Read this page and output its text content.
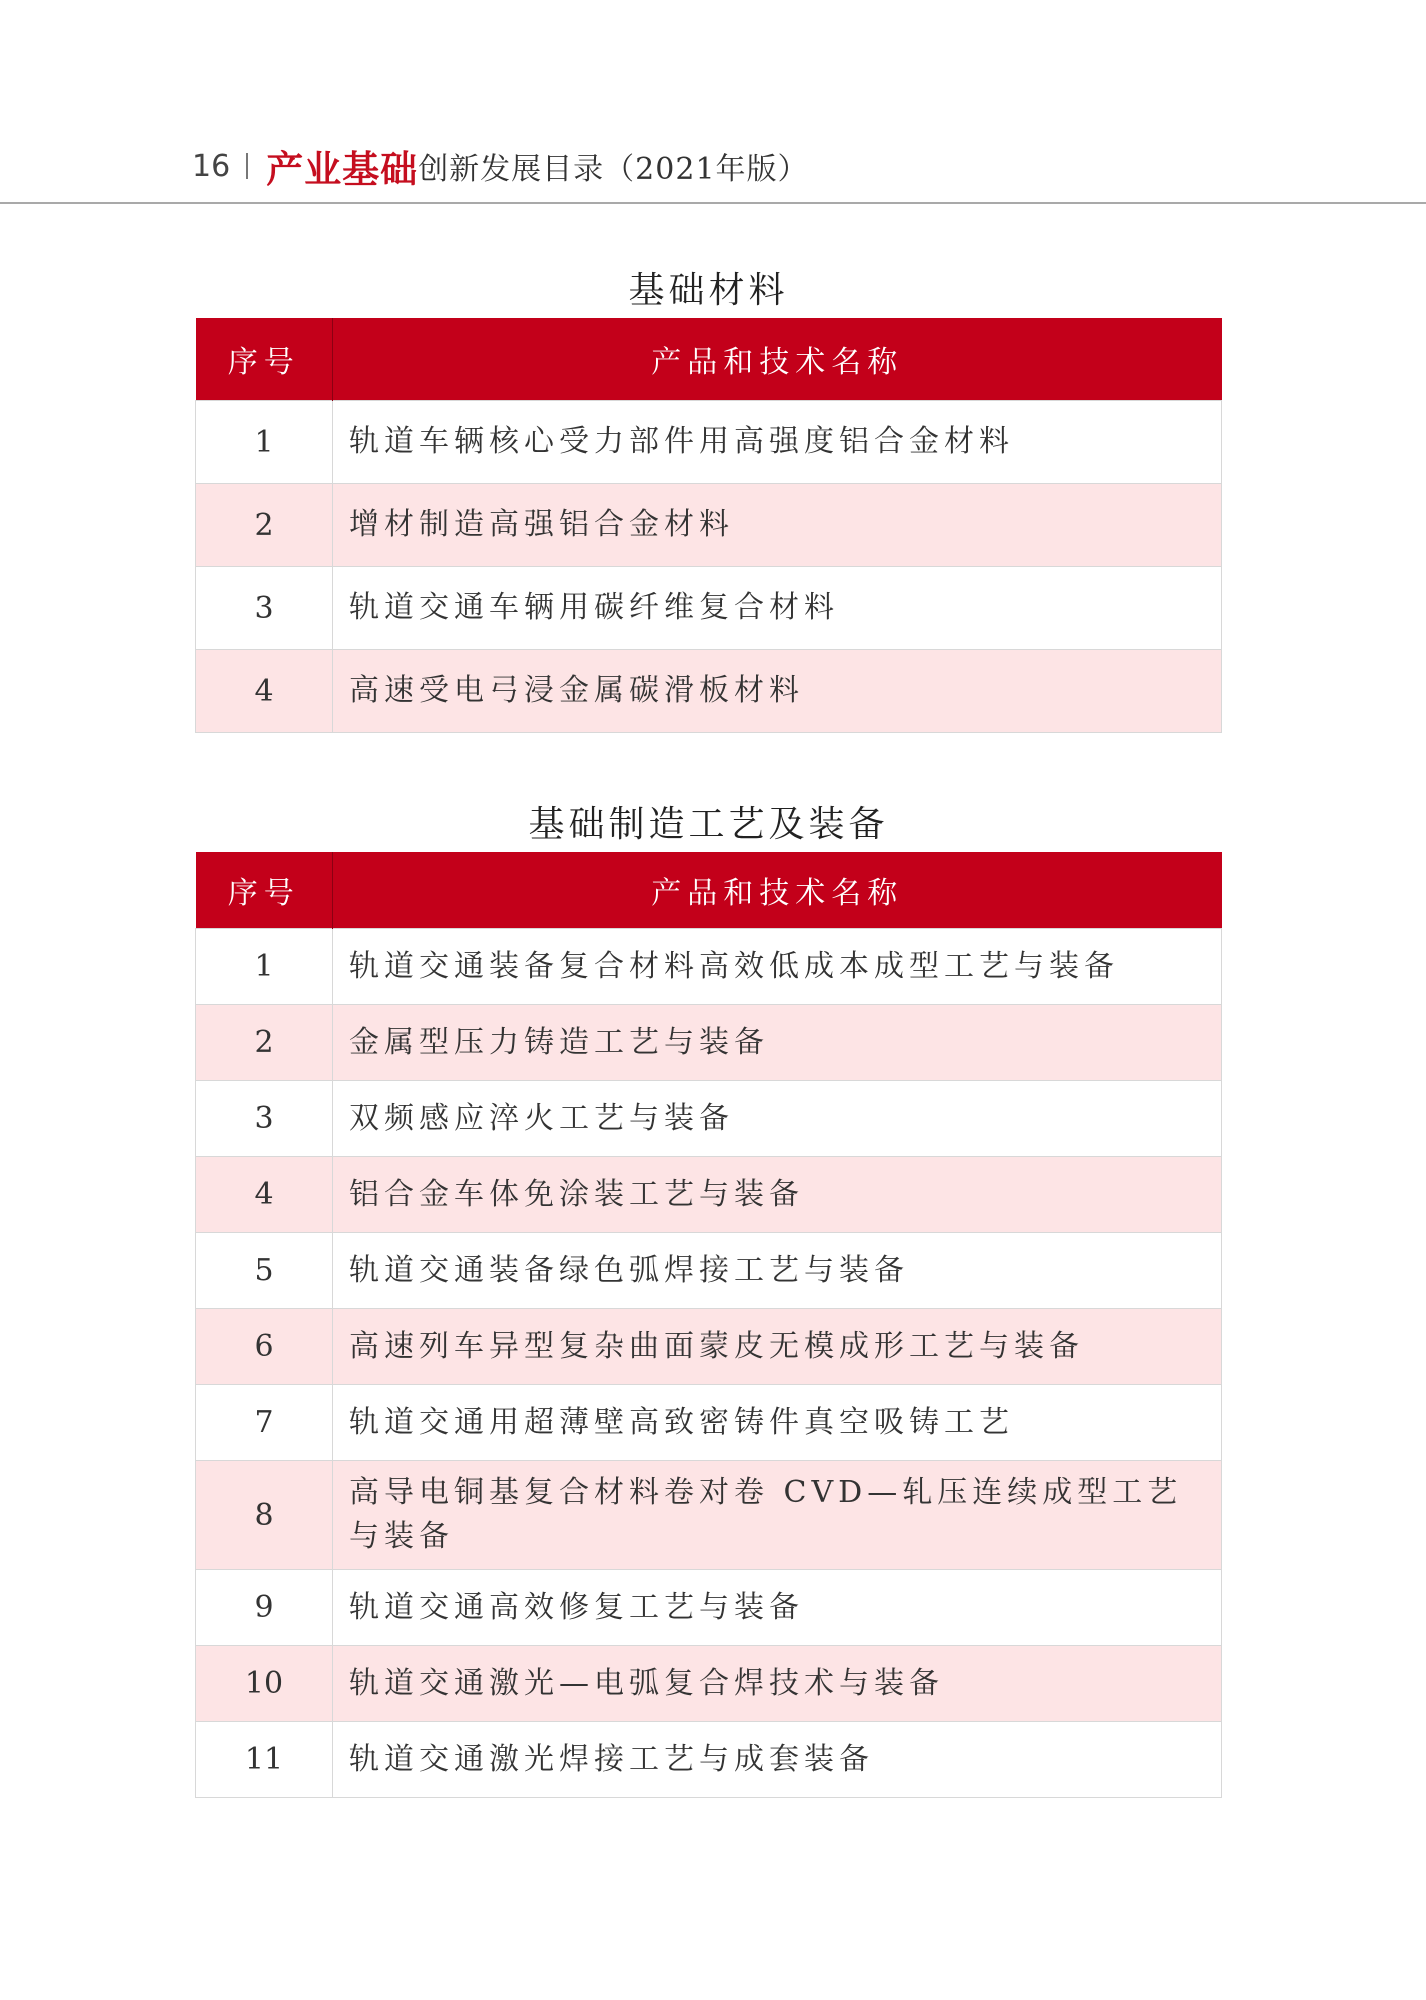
16 产业基础 创新发展目录（2021年版）
基础材料
序号	产品和技术名称
1	轨道车辆核心受力部件用高强度铝合金材料
2	增材制造高强铝合金材料
3	轨道交通车辆用碳纤维复合材料
4	高速受电弓浸金属碳滑板材料
基础制造工艺及装备
序号	产品和技术名称
1	轨道交通装备复合材料高效低成本成型工艺与装备
2	金属型压力铸造工艺与装备
3	双频感应淬火工艺与装备
4	铝合金车体免涂装工艺与装备
5	轨道交通装备绿色弧焊接工艺与装备
6	高速列车异型复杂曲面蒙皮无模成形工艺与装备
7	轨道交通用超薄壁高致密铸件真空吸铸工艺
8	高导电铜基复合材料卷对卷 CVD—轧压连续成型工艺与装备
9	轨道交通高效修复工艺与装备
10	轨道交通激光—电弧复合焊技术与装备
11	轨道交通激光焊接工艺与成套装备
